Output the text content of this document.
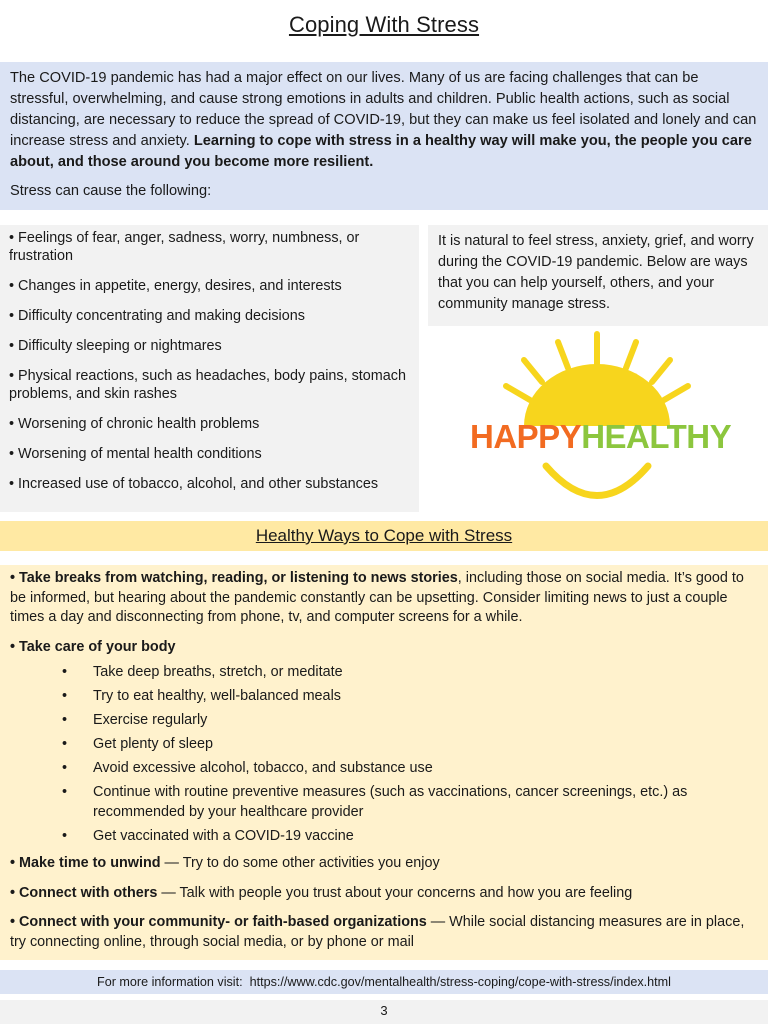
Coping With Stress

The COVID-19 pandemic has had a major effect on our lives. Many of us are facing challenges that can be stressful, overwhelming, and cause strong emotions in adults and children. Public health actions, such as social distancing, are necessary to reduce the spread of COVID-19, but they can make us feel isolated and lonely and can increase stress and anxiety. Learning to cope with stress in a healthy way will make you, the people you care about, and those around you become more resilient.

Stress can cause the following:

• Feelings of fear, anger, sadness, worry, numbness, or frustration
• Changes in appetite, energy, desires, and interests
• Difficulty concentrating and making decisions
• Difficulty sleeping or nightmares
• Physical reactions, such as headaches, body pains, stomach problems, and skin rashes
• Worsening of chronic health problems
• Worsening of mental health conditions
• Increased use of tobacco, alcohol, and other substances
It is natural to feel stress, anxiety, grief, and worry during the COVID-19 pandemic. Below are ways that you can help yourself, others, and your community manage stress.
HAPPYHEALTHY
Healthy Ways to Cope with Stress
• Take breaks from watching, reading, or listening to news stories, including those on social media. It’s good to be informed, but hearing about the pandemic constantly can be upsetting. Consider limiting news to just a couple times a day and disconnecting from phone, tv, and computer screens for a while.
• Take care of your body
• Take deep breaths, stretch, or meditate
• Try to eat healthy, well-balanced meals
• Exercise regularly
• Get plenty of sleep
• Avoid excessive alcohol, tobacco, and substance use
• Continue with routine preventive measures (such as vaccinations, cancer screenings, etc.) as recommended by your healthcare provider
• Get vaccinated with a COVID-19 vaccine
• Make time to unwind — Try to do some other activities you enjoy
• Connect with others — Talk with people you trust about your concerns and how you are feeling
• Connect with your community- or faith-based organizations — While social distancing measures are in place, try connecting online, through social media, or by phone or mail
For more information visit: https://www.cdc.gov/mentalhealth/stress-coping/cope-with-stress/index.html
3
